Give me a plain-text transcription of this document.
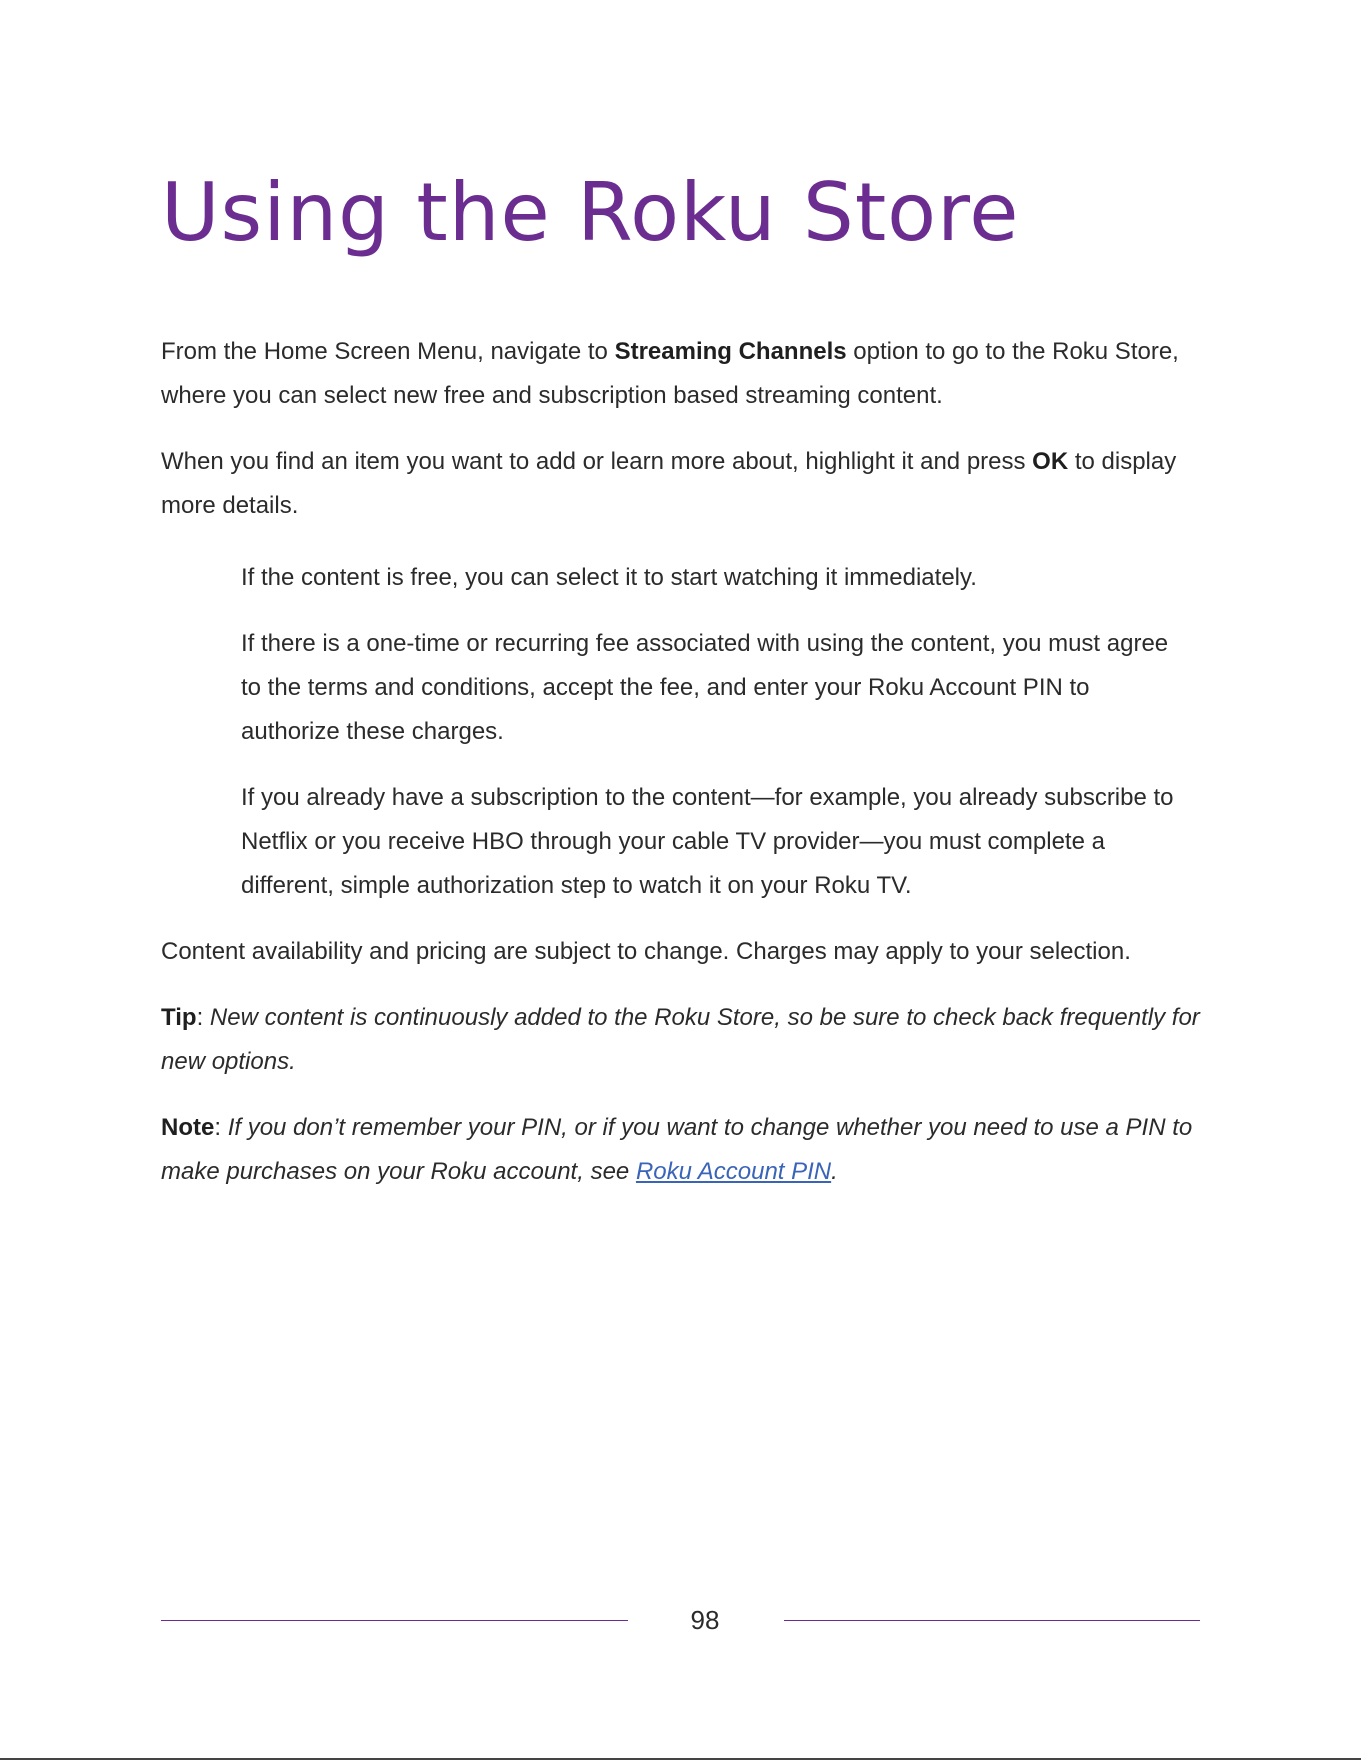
Using the Roku Store

From the Home Screen Menu, navigate to Streaming Channels option to go to the Roku Store, where you can select new free and subscription based streaming content.

When you find an item you want to add or learn more about, highlight it and press OK to display more details.

If the content is free, you can select it to start watching it immediately.

If there is a one-time or recurring fee associated with using the content, you must agree to the terms and conditions, accept the fee, and enter your Roku Account PIN to authorize these charges.

If you already have a subscription to the content—for example, you already subscribe to Netflix or you receive HBO through your cable TV provider—you must complete a different, simple authorization step to watch it on your Roku TV.

Content availability and pricing are subject to change. Charges may apply to your selection.

Tip: New content is continuously added to the Roku Store, so be sure to check back frequently for new options.

Note: If you don’t remember your PIN, or if you want to change whether you need to use a PIN to make purchases on your Roku account, see Roku Account PIN.

98
